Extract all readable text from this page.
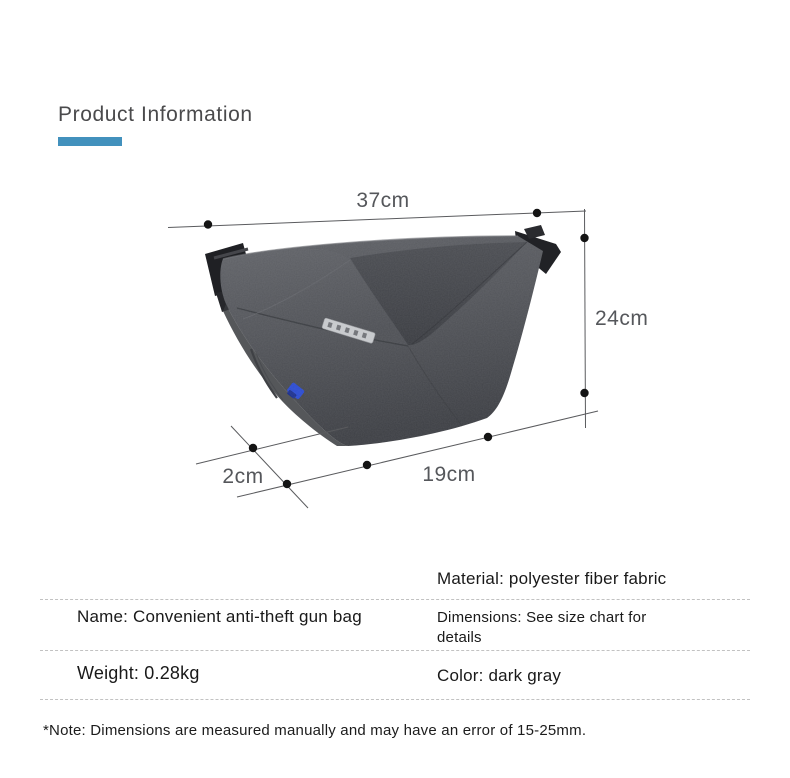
Product Information
37cm
24cm
19cm
2cm
Material: polyester fiber fabric
Name: Convenient anti-theft gun bag	Dimensions: See size chart for details
Weight: 0.28kg	Color: dark gray
*Note: Dimensions are measured manually and may have an error of 15-25mm.
